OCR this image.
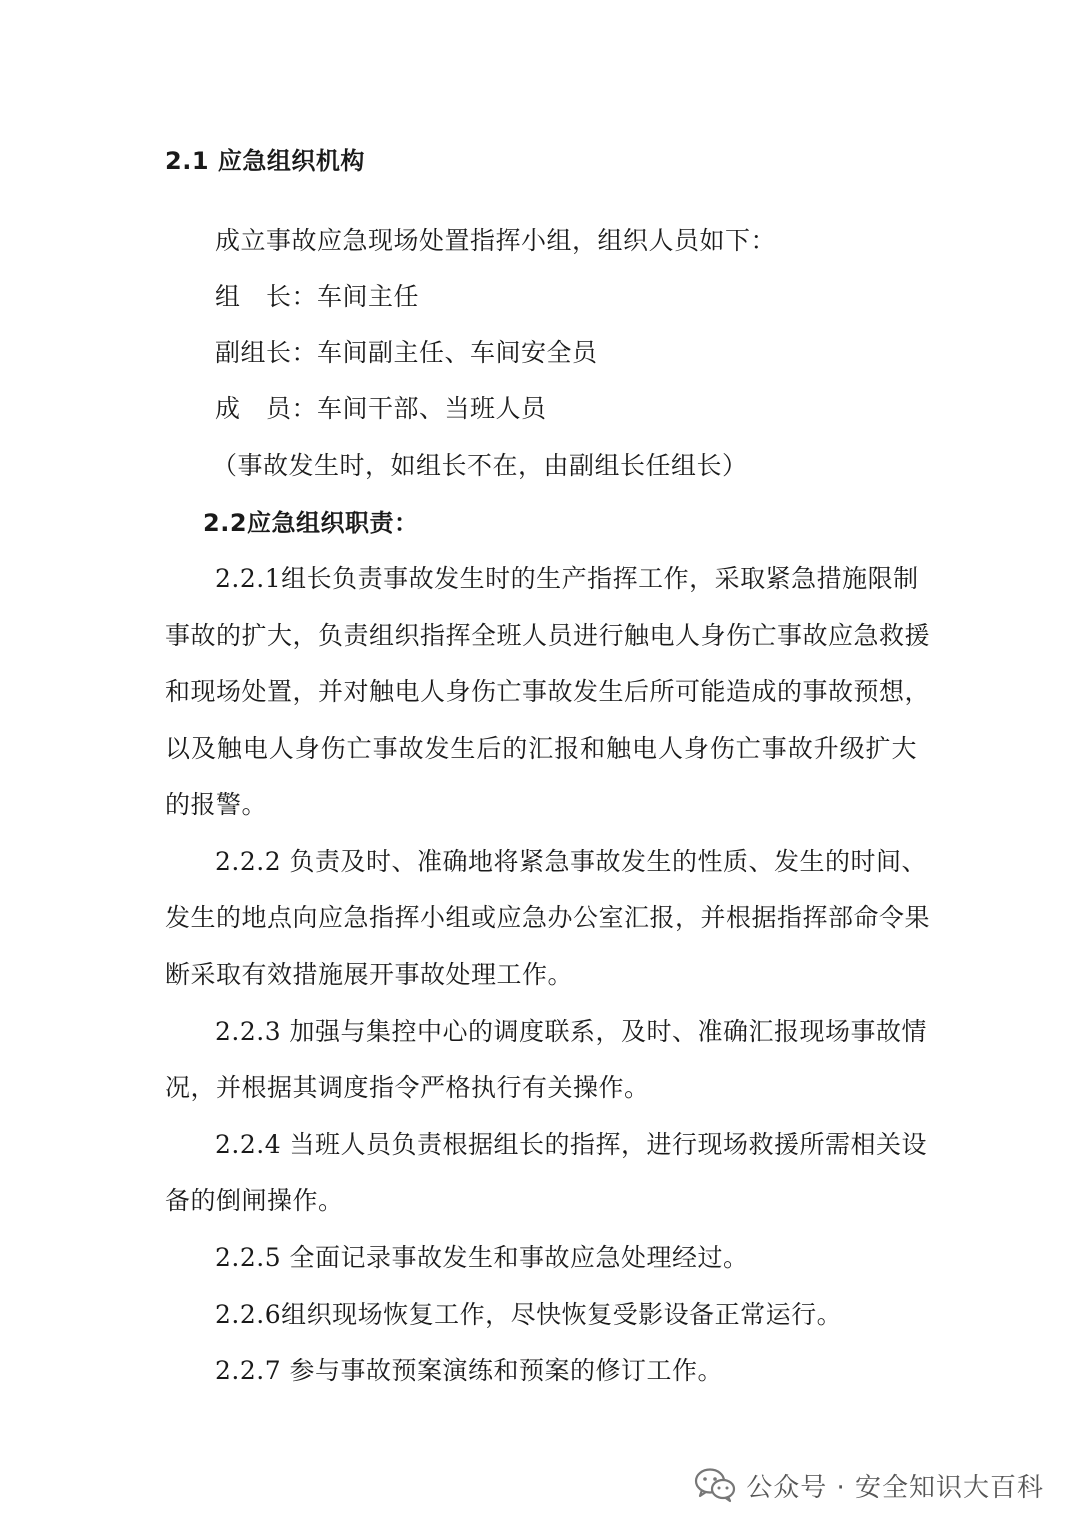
2.1 应急组织机构
成立事故应急现场处置指挥小组，组织人员如下：
组　长：车间主任
副组长：车间副主任、车间安全员
成　员：车间干部、当班人员
（事故发生时，如组长不在，由副组长任组长）
2.2应急组织职责：
2.2.1组长负责事故发生时的生产指挥工作，采取紧急措施限制
事故的扩大，负责组织指挥全班人员进行触电人身伤亡事故应急救援
和现场处置，并对触电人身伤亡事故发生后所可能造成的事故预想，
以及触电人身伤亡事故发生后的汇报和触电人身伤亡事故升级扩大
的报警。
2.2.2 负责及时、准确地将紧急事故发生的性质、发生的时间、
发生的地点向应急指挥小组或应急办公室汇报，并根据指挥部命令果
断采取有效措施展开事故处理工作。
2.2.3 加强与集控中心的调度联系，及时、准确汇报现场事故情
况，并根据其调度指令严格执行有关操作。
2.2.4 当班人员负责根据组长的指挥，进行现场救援所需相关设
备的倒闸操作。
2.2.5 全面记录事故发生和事故应急处理经过。
2.2.6组织现场恢复工作，尽快恢复受影设备正常运行。
2.2.7 参与事故预案演练和预案的修订工作。
公众号 · 安全知识大百科
